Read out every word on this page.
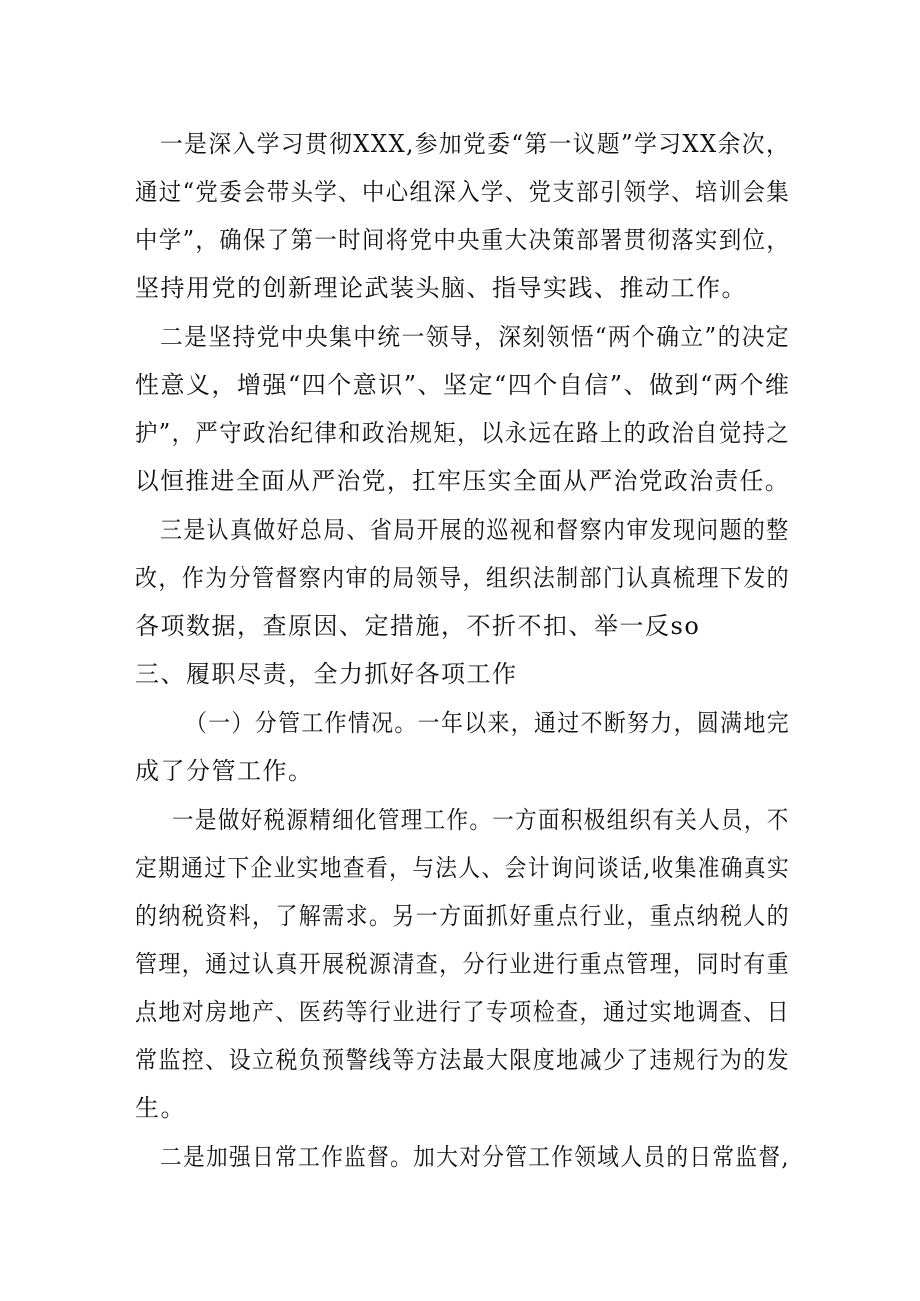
一是深入学习贯彻XXX,参加党委“第一议题”学习XX余次，
通过“党委会带头学、中心组深入学、党支部引领学、培训会集
中学”，确保了第一时间将党中央重大决策部署贯彻落实到位，
坚持用党的创新理论武装头脑、指导实践、推动工作。
二是坚持党中央集中统一领导，深刻领悟“两个确立”的决定
性意义，增强“四个意识”、坚定“四个自信”、做到“两个维
护”，严守政治纪律和政治规矩，以永远在路上的政治自觉持之
以恒推进全面从严治党，扛牢压实全面从严治党政治责任。
三是认真做好总局、省局开展的巡视和督察内审发现问题的整
改，作为分管督察内审的局领导，组织法制部门认真梳理下发的
各项数据，查原因、定措施，不折不扣、举一反so
三、履职尽责，全力抓好各项工作
（一）分管工作情况。一年以来，通过不断努力，圆满地完
成了分管工作。
一是做好税源精细化管理工作。一方面积极组织有关人员，不
定期通过下企业实地查看，与法人、会计询问谈话,收集准确真实
的纳税资料，了解需求。另一方面抓好重点行业，重点纳税人的
管理，通过认真开展税源清查，分行业进行重点管理，同时有重
点地对房地产、医药等行业进行了专项检查，通过实地调查、日
常监控、设立税负预警线等方法最大限度地减少了违规行为的发
生。
二是加强日常工作监督。加大对分管工作领域人员的日常监督,
